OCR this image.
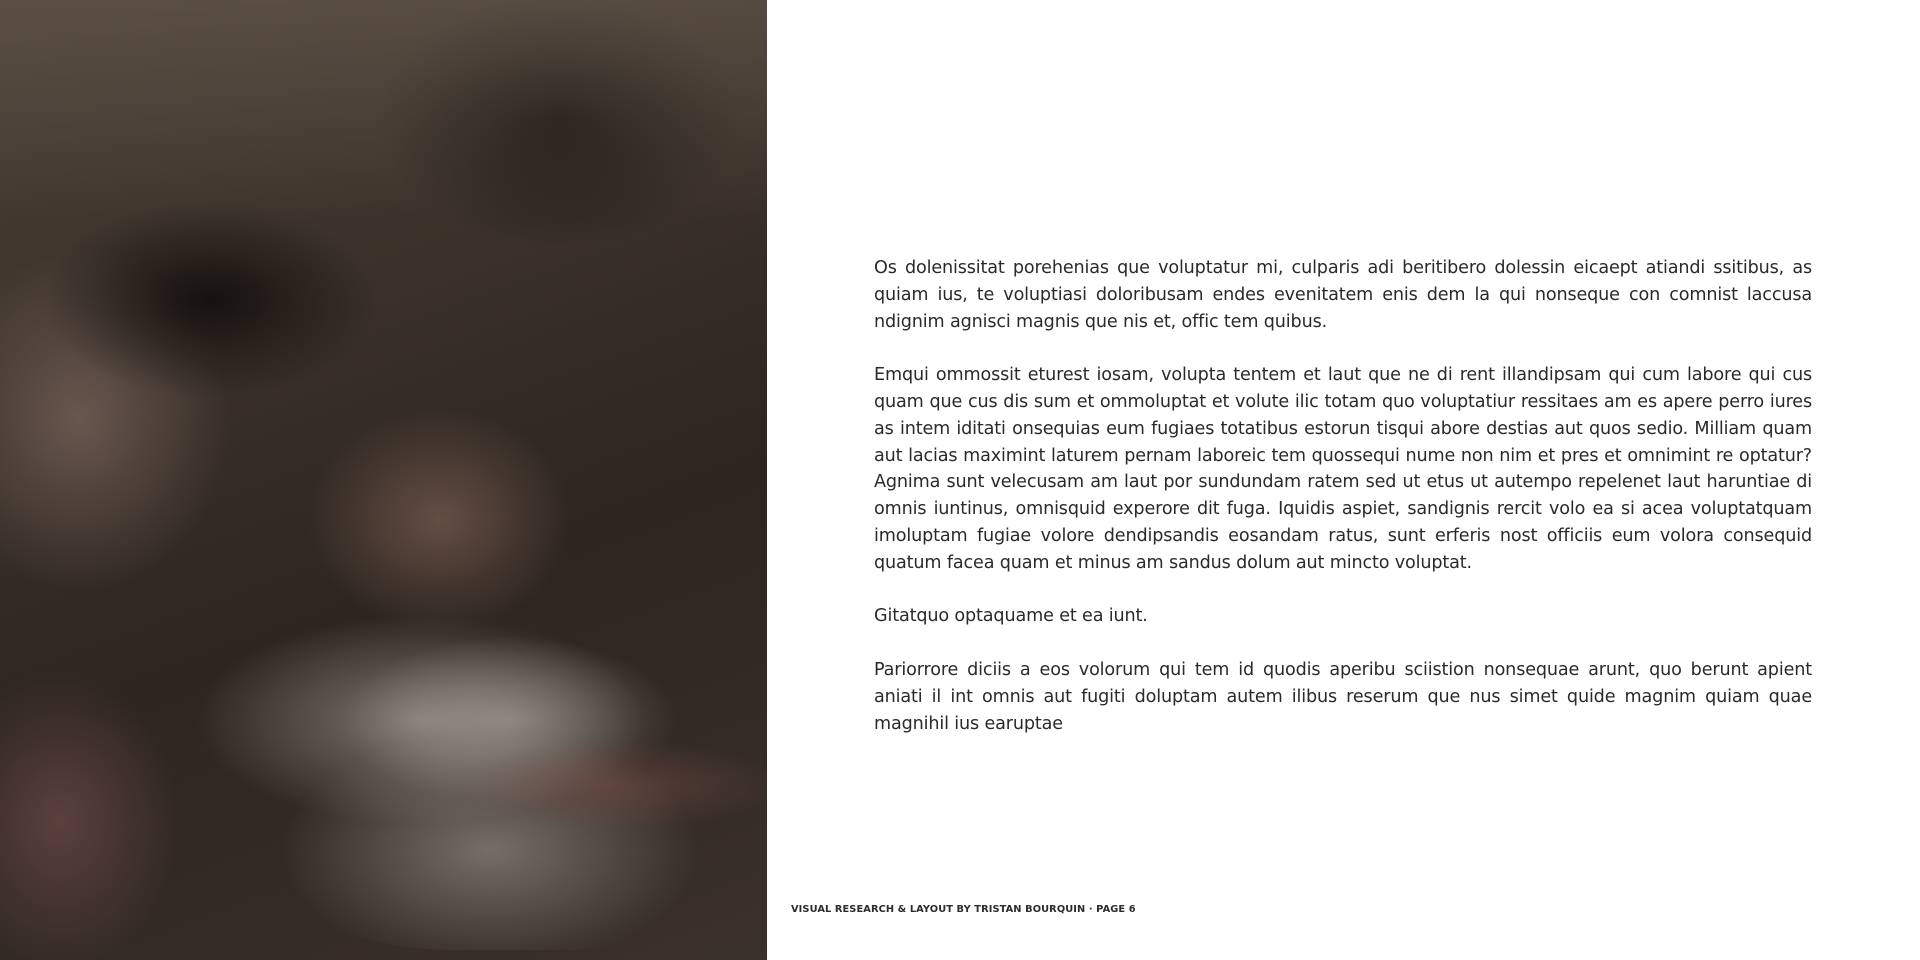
Os dolenissitat porehenias que voluptatur mi, culparis adi beritibero dolessin eicaept atiandi ssitibus, as quiam ius, te voluptiasi doloribusam endes evenitatem enis dem la qui nonseque con comnist laccusa ndignim agnisci magnis que nis et, offic tem quibus.

Emqui ommossit eturest iosam, volupta tentem et laut que ne di rent illandipsam qui cum labore qui cus quam que cus dis sum et ommoluptat et volute ilic totam quo voluptatiur ressitaes am es apere perro iures as intem iditati onsequias eum fugiaes totatibus estorun tisqui abore destias aut quos sedio. Milliam quam aut lacias maximint laturem pernam laboreic tem quossequi nume non nim et pres et omnimint re optatur? Agnima sunt velecusam am laut por sundundam ratem sed ut etus ut autempo repelenet laut haruntiae di omnis iuntinus, omnisquid experore dit fuga. Iquidis aspiet, sandignis rercit volo ea si acea voluptatquam imoluptam fugiae volore dendipsandis eosandam ratus, sunt erferis nost officiis eum volora consequid quatum facea quam et minus am sandus dolum aut mincto voluptat.

Gitatquo optaquame et ea iunt.

Pariorrore diciis a eos volorum qui tem id quodis aperibu sciistion nonsequae arunt, quo berunt apient aniati il int omnis aut fugiti doluptam autem ilibus reserum que nus simet quide magnim quiam quae magnihil ius earuptae

VISUAL RESEARCH & LAYOUT BY TRISTAN BOURQUIN · PAGE 6
